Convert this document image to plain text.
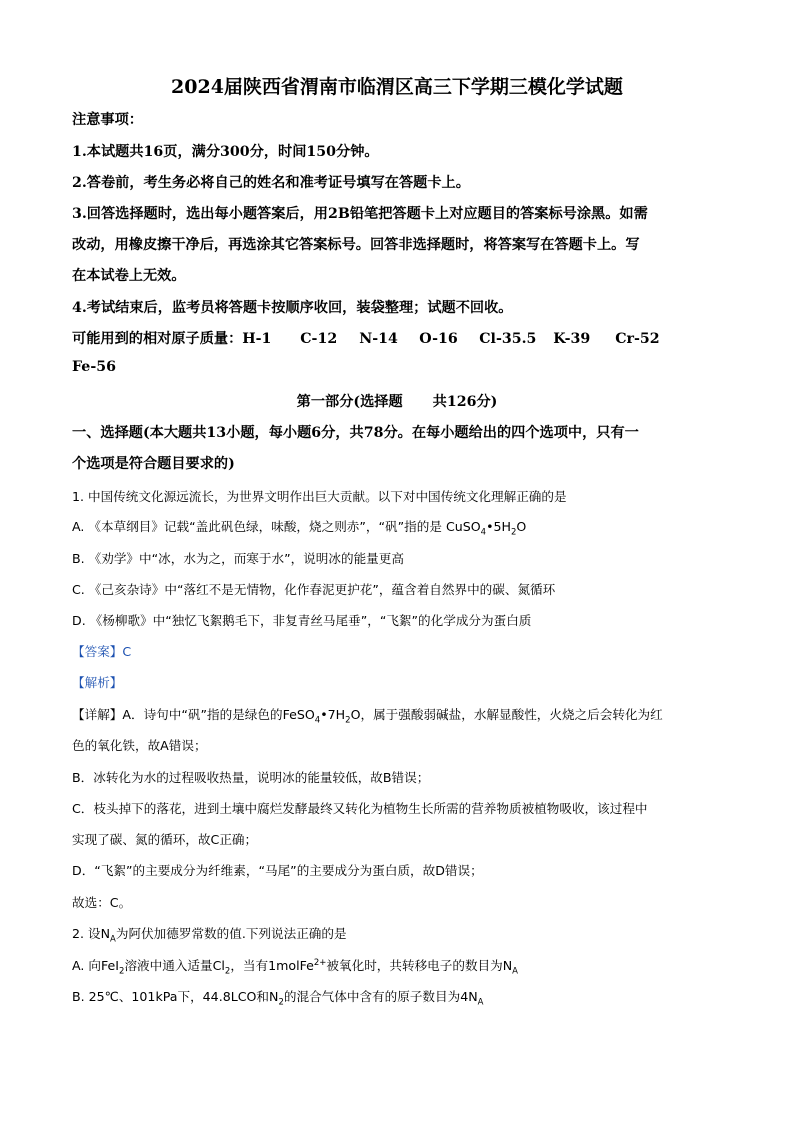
2024届陕西省渭南市临渭区高三下学期三模化学试题
注意事项：
1.本试题共16页，满分300分，时间150分钟。
2.答卷前，考生务必将自己的姓名和准考证号填写在答题卡上。
3.回答选择题时，选出每小题答案后，用2B铅笔把答题卡上对应题目的答案标号涂黑。如需
改动，用橡皮擦干净后，再选涂其它答案标号。回答非选择题时，将答案写在答题卡上。写
在本试卷上无效。
4.考试结束后，监考员将答题卡按顺序收回，装袋整理；试题不回收。
可能用到的相对原子质量：H-1 C-12 N-14 O-16 Cl-35.5 K-39 Cr-52
Fe-56
第一部分(选择题 共126分)
一、选择题(本大题共13小题，每小题6分，共78分。在每小题给出的四个选项中，只有一
个选项是符合题目要求的)
1. 中国传统文化源远流长，为世界文明作出巨大贡献。以下对中国传统文化理解正确的是
A. 《本草纲目》记载“盖此矾色绿，味酸，烧之则赤”，“矾”指的是 $CuSO_4•5H_2O$
B. 《劝学》中“冰，水为之，而寒于水”，说明冰的能量更高
C. 《己亥杂诗》中“落红不是无情物，化作春泥更护花”，蕴含着自然界中的碳、氮循环
D. 《杨柳歌》中“独忆飞絮鹅毛下，非复青丝马尾垂”，“飞絮”的化学成分为蛋白质
【答案】C
【解析】
【详解】A．诗句中“矾”指的是绿色的$FeSO_4•7H_2O$，属于强酸弱碱盐，水解显酸性，火烧之后会转化为红
色的氧化铁，故A错误；
B．冰转化为水的过程吸收热量，说明冰的能量较低，故B错误；
C．枝头掉下的落花，进到土壤中腐烂发酵最终又转化为植物生长所需的营养物质被植物吸收，该过程中
实现了碳、氮的循环，故C正确；
D．“飞絮”的主要成分为纤维素，“马尾”的主要成分为蛋白质，故D错误；
故选：C。
2. 设$N_A$为阿伏加德罗常数的值.下列说法正确的是
A. 向FeI$_2$溶液中通入适量$Cl_2$，当有1molFe$^{2+}$被氧化时，共转移电子的数目为$N_A$
B. 25℃、101kPa下，44.8LCO和$N_2$的混合气体中含有的原子数目为$4N_A$
